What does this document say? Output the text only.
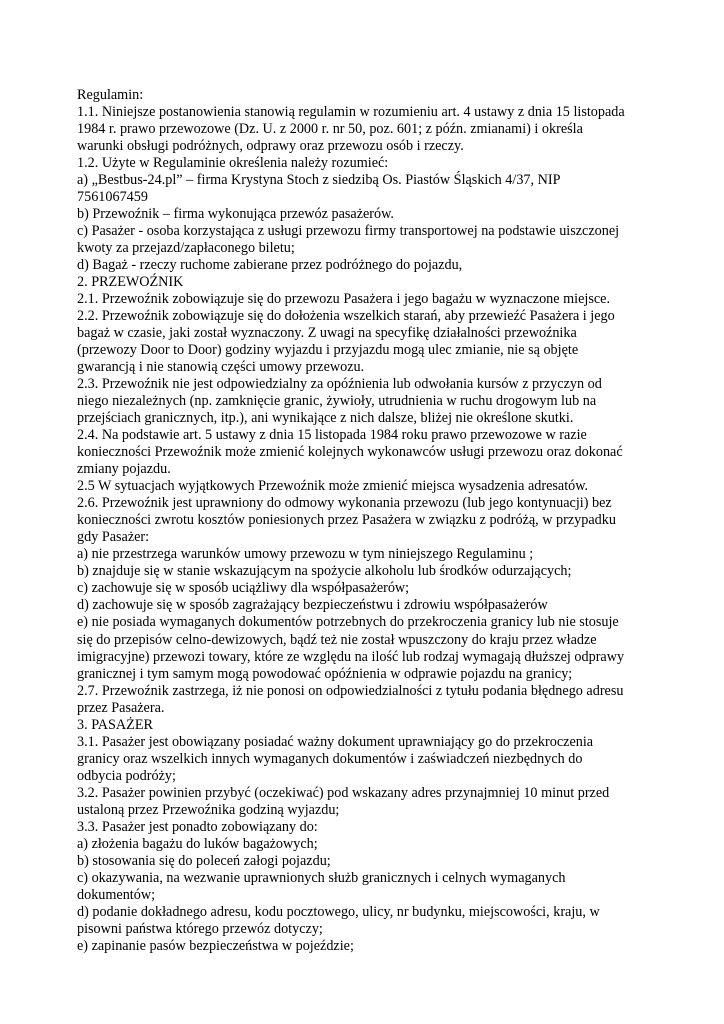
Regulamin:
1.1. Niniejsze postanowienia stanowią regulamin w rozumieniu art. 4 ustawy z dnia 15 listopada
1984 r. prawo przewozowe (Dz. U. z 2000 r. nr 50, poz. 601; z późn. zmianami) i określa
warunki obsługi podróżnych, odprawy oraz przewozu osób i rzeczy.
1.2. Użyte w Regulaminie określenia należy rozumieć:
a) „Bestbus-24.pl” – firma Krystyna Stoch z siedzibą Os. Piastów Śląskich 4/37, NIP
7561067459
b) Przewoźnik – firma wykonująca przewóz pasażerów.
c) Pasażer - osoba korzystająca z usługi przewozu firmy transportowej na podstawie uiszczonej
kwoty za przejazd/zapłaconego biletu;
d) Bagaż - rzeczy ruchome zabierane przez podróżnego do pojazdu,
2. PRZEWOŹNIK
2.1. Przewoźnik zobowiązuje się do przewozu Pasażera i jego bagażu w wyznaczone miejsce.
2.2. Przewoźnik zobowiązuje się do dołożenia wszelkich starań, aby przewieźć Pasażera i jego
bagaż w czasie, jaki został wyznaczony. Z uwagi na specyfikę działalności przewoźnika
(przewozy Door to Door) godziny wyjazdu i przyjazdu mogą ulec zmianie, nie są objęte
gwarancją i nie stanowią części umowy przewozu.
2.3. Przewoźnik nie jest odpowiedzialny za opóźnienia lub odwołania kursów z przyczyn od
niego niezależnych (np. zamknięcie granic, żywioły, utrudnienia w ruchu drogowym lub na
przejściach granicznych, itp.), ani wynikające z nich dalsze, bliżej nie określone skutki.
2.4. Na podstawie art. 5 ustawy z dnia 15 listopada 1984 roku prawo przewozowe w razie
konieczności Przewoźnik może zmienić kolejnych wykonawców usługi przewozu oraz dokonać
zmiany pojazdu.
2.5 W sytuacjach wyjątkowych Przewoźnik może zmienić miejsca wysadzenia adresatów.
2.6. Przewoźnik jest uprawniony do odmowy wykonania przewozu (lub jego kontynuacji) bez
konieczności zwrotu kosztów poniesionych przez Pasażera w związku z podróżą, w przypadku
gdy Pasażer:
a) nie przestrzega warunków umowy przewozu w tym niniejszego Regulaminu ;
b) znajduje się w stanie wskazującym na spożycie alkoholu lub środków odurzających;
c) zachowuje się w sposób uciążliwy dla współpasażerów;
d) zachowuje się w sposób zagrażający bezpieczeństwu i zdrowiu współpasażerów
e) nie posiada wymaganych dokumentów potrzebnych do przekroczenia granicy lub nie stosuje
się do przepisów celno-dewizowych, bądź też nie został wpuszczony do kraju przez władze
imigracyjne) przewozi towary, które ze względu na ilość lub rodzaj wymagają dłuższej odprawy
granicznej i tym samym mogą powodować opóźnienia w odprawie pojazdu na granicy;
2.7. Przewoźnik zastrzega, iż nie ponosi on odpowiedzialności z tytułu podania błędnego adresu
przez Pasażera.
3. PASAŻER
3.1. Pasażer jest obowiązany posiadać ważny dokument uprawniający go do przekroczenia
granicy oraz wszelkich innych wymaganych dokumentów i zaświadczeń niezbędnych do
odbycia podróży;
3.2. Pasażer powinien przybyć (oczekiwać) pod wskazany adres przynajmniej 10 minut przed
ustaloną przez Przewoźnika godziną wyjazdu;
3.3. Pasażer jest ponadto zobowiązany do:
a) złożenia bagażu do luków bagażowych;
b) stosowania się do poleceń załogi pojazdu;
c) okazywania, na wezwanie uprawnionych służb granicznych i celnych wymaganych
dokumentów;
d) podanie dokładnego adresu, kodu pocztowego, ulicy, nr budynku, miejscowości, kraju, w
pisowni państwa którego przewóz dotyczy;
e) zapinanie pasów bezpieczeństwa w pojeździe;
